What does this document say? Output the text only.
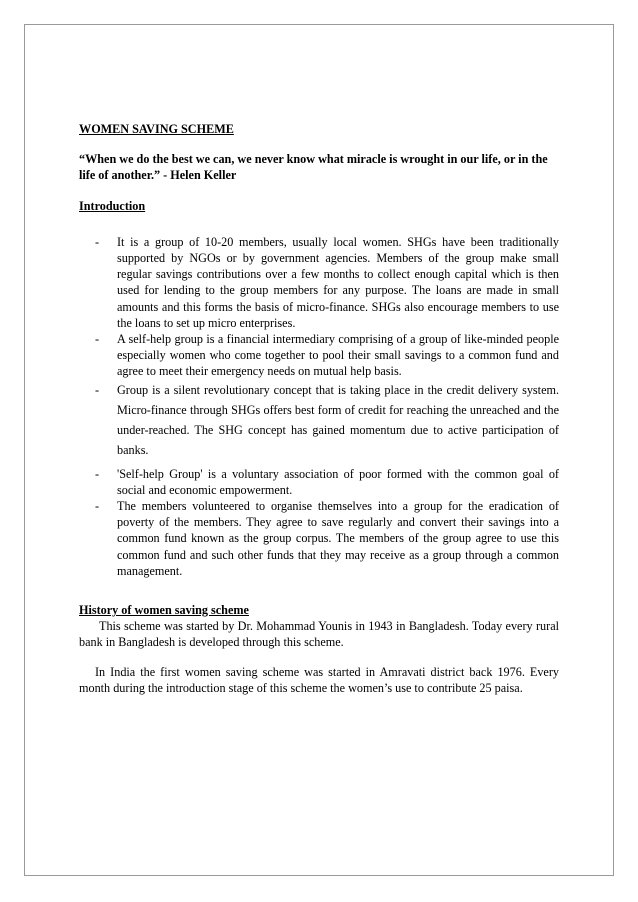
WOMEN SAVING SCHEME
“When we do the best we can, we never know what miracle is wrought in our life, or in the life of another.” - Helen Keller
Introduction
- It is a group of 10-20 members, usually local women. SHGs have been traditionally supported by NGOs or by government agencies. Members of the group make small regular savings contributions over a few months to collect enough capital which is then used for lending to the group members for any purpose. The loans are made in small amounts and this forms the basis of micro-finance. SHGs also encourage members to use the loans to set up micro enterprises.
- A self-help group is a financial intermediary comprising of a group of like-minded people especially women who come together to pool their small savings to a common fund and agree to meet their emergency needs on mutual help basis.
- Group is a silent revolutionary concept that is taking place in the credit delivery system. Micro-finance through SHGs offers best form of credit for reaching the unreached and the under-reached. The SHG concept has gained momentum due to active participation of banks.
- 'Self-help Group' is a voluntary association of poor formed with the common goal of social and economic empowerment.
- The members volunteered to organise themselves into a group for the eradication of poverty of the members. They agree to save regularly and convert their savings into a common fund known as the group corpus. The members of the group agree to use this common fund and such other funds that they may receive as a group through a common management.
History of women saving scheme

This scheme was started by Dr. Mohammad Younis in 1943 in Bangladesh. Today every rural bank in Bangladesh is developed through this scheme.

In India the first women saving scheme was started in Amravati district back 1976. Every month during the introduction stage of this scheme the women’s use to contribute 25 paisa.
